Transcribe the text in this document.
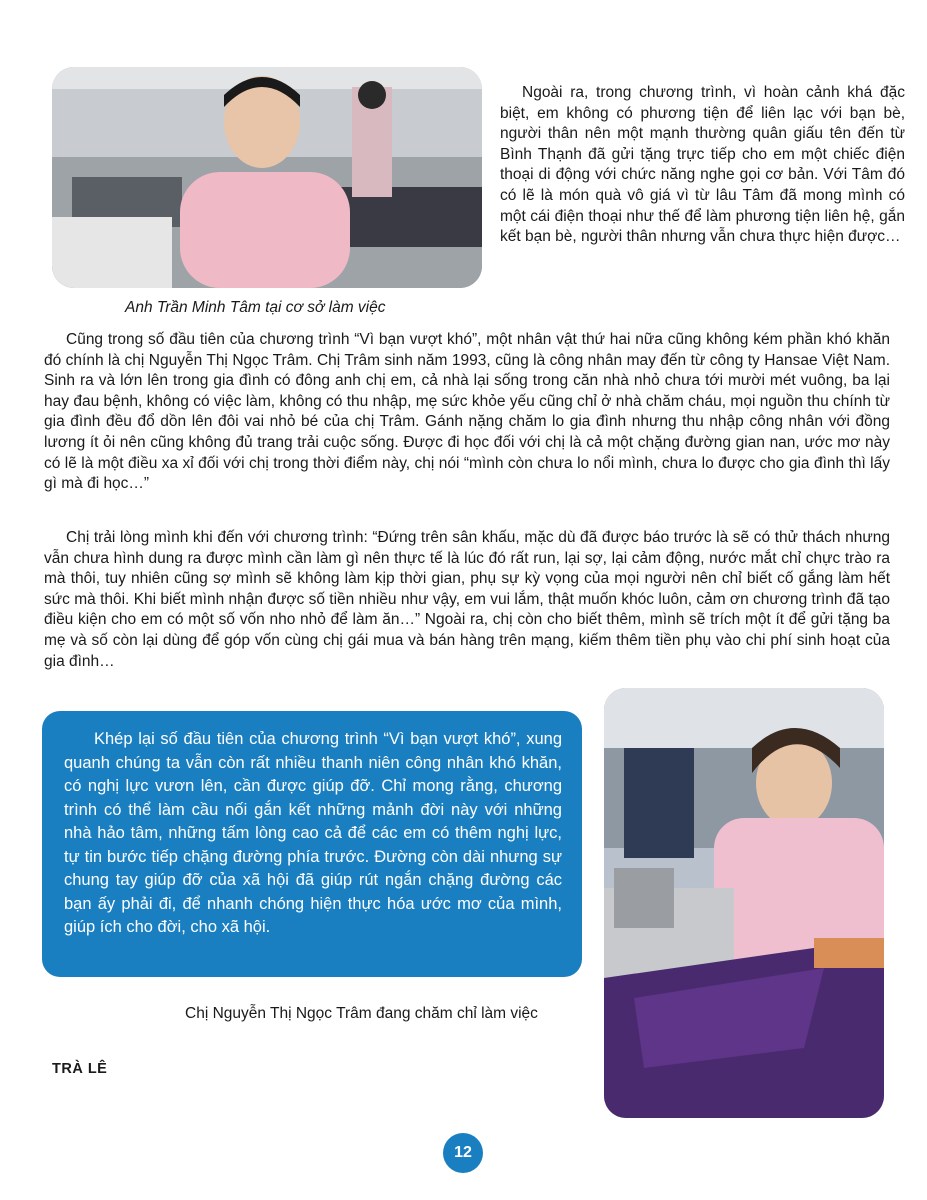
Ngoài ra, trong chương trình, vì hoàn cảnh khá đặc biệt, em không có phương tiện để liên lạc với bạn bè, người thân nên một mạnh thường quân giấu tên đến từ Bình Thạnh đã gửi tặng trực tiếp cho em một chiếc điện thoại di động với chức năng nghe gọi cơ bản. Với Tâm đó có lẽ là món quà vô giá vì từ lâu Tâm đã mong mình có một cái điện thoại như thế để làm phương tiện liên hệ, gắn kết bạn bè, người thân nhưng vẫn chưa thực hiện được…

Anh Trần Minh Tâm tại cơ sở làm việc

Cũng trong số đầu tiên của chương trình “Vì bạn vượt khó”, một nhân vật thứ hai nữa cũng không kém phần khó khăn đó chính là chị Nguyễn Thị Ngọc Trâm. Chị Trâm sinh năm 1993, cũng là công nhân may đến từ công ty Hansae Việt Nam. Sinh ra và lớn lên trong gia đình có đông anh chị em, cả nhà lại sống trong căn nhà nhỏ chưa tới mười mét vuông, ba lại hay đau bệnh, không có việc làm, không có thu nhập, mẹ sức khỏe yếu cũng chỉ ở nhà chăm cháu, mọi nguồn thu chính từ gia đình đều đổ dồn lên đôi vai nhỏ bé của chị Trâm. Gánh nặng chăm lo gia đình nhưng thu nhập công nhân với đồng lương ít ỏi nên cũng không đủ trang trải cuộc sống. Được đi học đối với chị là cả một chặng đường gian nan, ước mơ này có lẽ là một điều xa xỉ đối với chị trong thời điểm này, chị nói “mình còn chưa lo nổi mình, chưa lo được cho gia đình thì lấy gì mà đi học…”

Chị trải lòng mình khi đến với chương trình: “Đứng trên sân khấu, mặc dù đã được báo trước là sẽ có thử thách nhưng vẫn chưa hình dung ra được mình cần làm gì nên thực tế là lúc đó rất run, lại sợ, lại cảm động, nước mắt chỉ chực trào ra mà thôi, tuy nhiên cũng sợ mình sẽ không làm kịp thời gian, phụ sự kỳ vọng của mọi người nên chỉ biết cố gắng làm hết sức mà thôi. Khi biết mình nhận được số tiền nhiều như vậy, em vui lắm, thật muốn khóc luôn, cảm ơn chương trình đã tạo điều kiện cho em có một số vốn nho nhỏ để làm ăn…” Ngoài ra, chị còn cho biết thêm, mình sẽ trích một ít để gửi tặng ba mẹ và số còn lại dùng để góp vốn cùng chị gái mua và bán hàng trên mạng, kiếm thêm tiền phụ vào chi phí sinh hoạt của gia đình…

Khép lại số đầu tiên của chương trình “Vì bạn vượt khó”, xung quanh chúng ta vẫn còn rất nhiều thanh niên công nhân khó khăn, có nghị lực vươn lên, cần được giúp đỡ. Chỉ mong rằng, chương trình có thể làm cầu nối gắn kết những mảnh đời này với những nhà hảo tâm, những tấm lòng cao cả để các em có thêm nghị lực, tự tin bước tiếp chặng đường phía trước. Đường còn dài nhưng sự chung tay giúp đỡ của xã hội đã giúp rút ngắn chặng đường các bạn ấy phải đi, để nhanh chóng hiện thực hóa ước mơ của mình, giúp ích cho đời, cho xã hội.

Chị Nguyễn Thị Ngọc Trâm đang chăm chỉ làm việc

TRÀ LÊ

12
